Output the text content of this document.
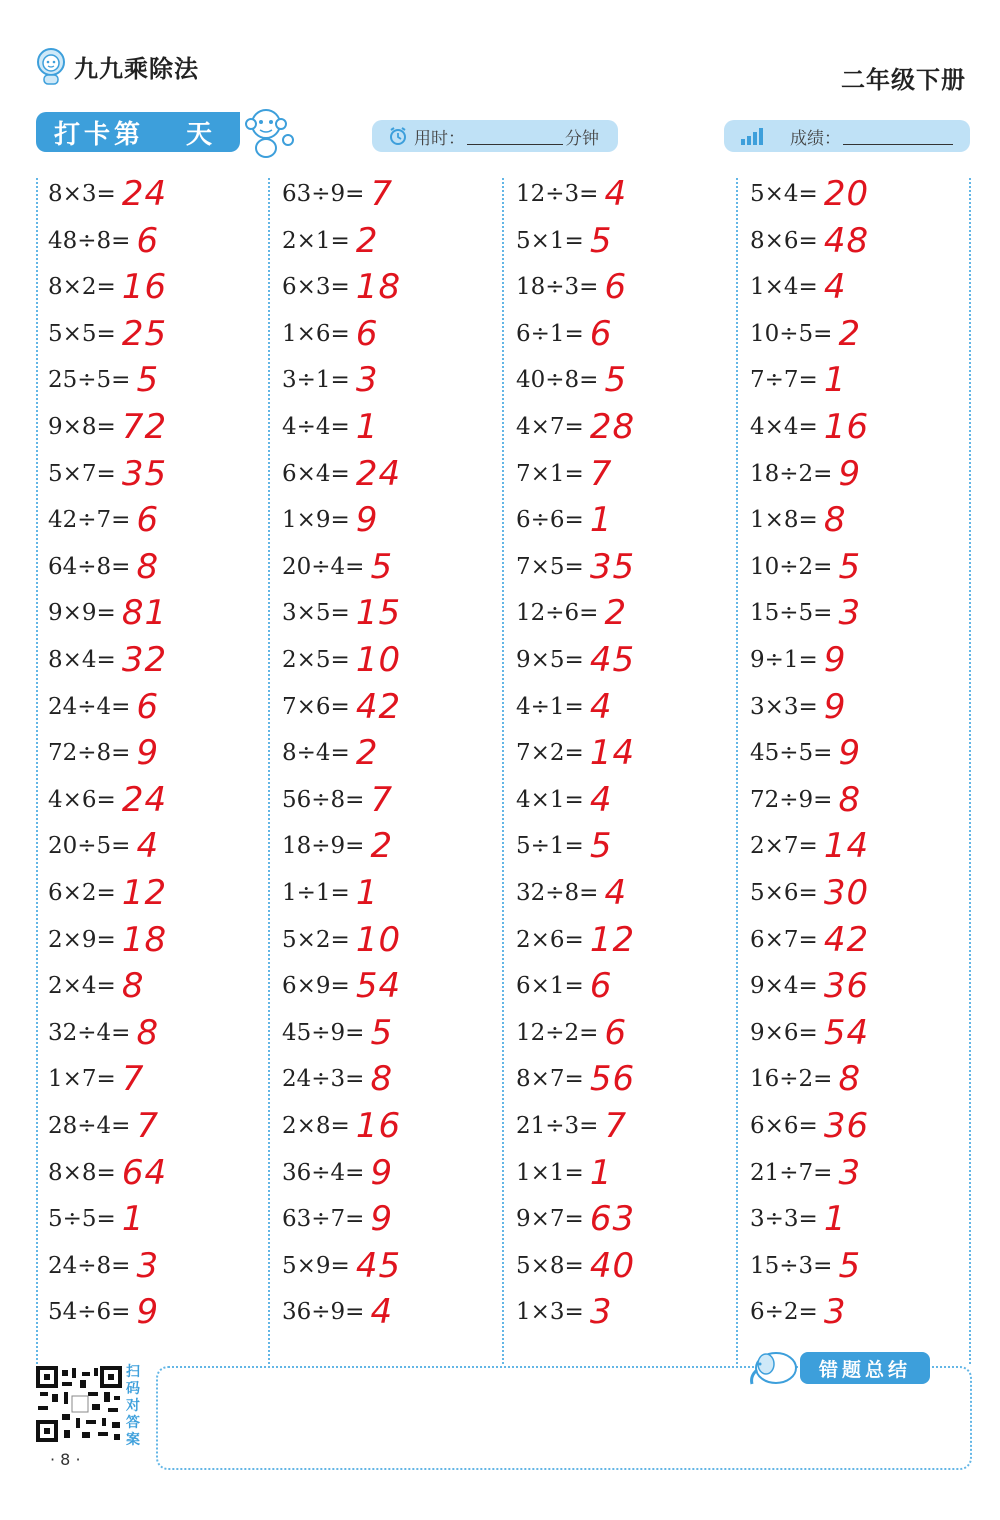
九九乘除法	二年级下册
打卡第 天	用时：	分钟	成绩：
8×3= 24
48÷8= 6
8×2= 16
5×5= 25
25÷5= 5
9×8= 72
5×7= 35
42÷7= 6
64÷8= 8
9×9= 81
8×4= 32
24÷4= 6
72÷8= 9
4×6= 24
20÷5= 4
6×2= 12
2×9= 18
2×4= 8
32÷4= 8
1×7= 7
28÷4= 7
8×8= 64
5÷5= 1
24÷8= 3
54÷6= 9
63÷9= 7
2×1= 2
6×3= 18
1×6= 6
3÷1= 3
4÷4= 1
6×4= 24
1×9= 9
20÷4= 5
3×5= 15
2×5= 10
7×6= 42
8÷4= 2
56÷8= 7
18÷9= 2
1÷1= 1
5×2= 10
6×9= 54
45÷9= 5
24÷3= 8
2×8= 16
36÷4= 9
63÷7= 9
5×9= 45
36÷9= 4
12÷3= 4
5×1= 5
18÷3= 6
6÷1= 6
40÷8= 5
4×7= 28
7×1= 7
6÷6= 1
7×5= 35
12÷6= 2
9×5= 45
4÷1= 4
7×2= 14
4×1= 4
5÷1= 5
32÷8= 4
2×6= 12
6×1= 6
12÷2= 6
8×7= 56
21÷3= 7
1×1= 1
9×7= 63
5×8= 40
1×3= 3
5×4= 20
8×6= 48
1×4= 4
10÷5= 2
7÷7= 1
4×4= 16
18÷2= 9
1×8= 8
10÷2= 5
15÷5= 3
9÷1= 9
3×3= 9
45÷5= 9
72÷9= 8
2×7= 14
5×6= 30
6×7= 42
9×4= 36
9×6= 54
16÷2= 8
6×6= 36
21÷7= 3
3÷3= 1
15÷3= 5
6÷2= 3
扫码对答案
· 8 ·
错题总结
